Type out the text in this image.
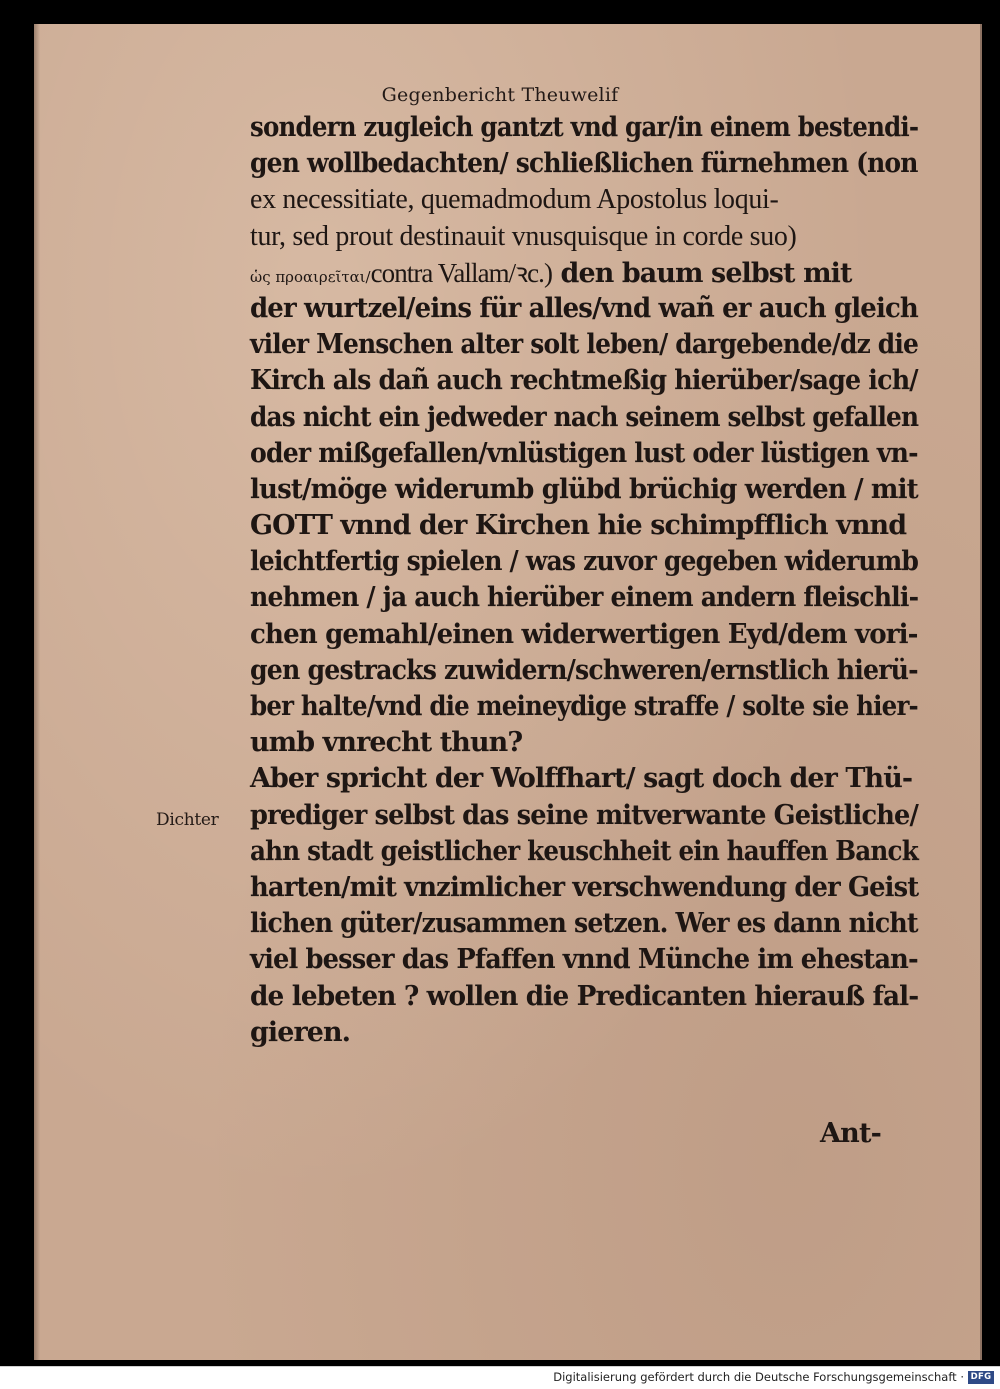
Gegenbericht Theuwelif
sondern zugleich gantzt vnd gar/in einem bestendi-
gen wollbedachten/ schließlichen fürnehmen (non
ex necessitiate, quemadmodum Apostolus loqui-
tur, sed prout destinauit vnusquisque in corde suo)
ὡς προαιρεῖται/contra Vallam/ꝛc.) den baum selbst mit
der wurtzel/eins für alles/vnd wañ er auch gleich
viler Menschen alter solt leben/ dargebende/dz die
Kirch als dañ auch rechtmeßig hierüber/sage ich/
das nicht ein jedweder nach seinem selbst gefallen
oder mißgefallen/vnlüstigen lust oder lüstigen vn-
lust/möge widerumb glübd brüchig werden / mit
GOTT vnnd der Kirchen hie schimpfflich vnnd
leichtfertig spielen / was zuvor gegeben widerumb
nehmen / ja auch hierüber einem andern fleischli-
chen gemahl/einen widerwertigen Eyd/dem vori-
gen gestracks zuwidern/schweren/ernstlich hierü-
ber halte/vnd die meineydige straffe / solte sie hier-
umb vnrecht thun?
Aber spricht der Wolffhart/ sagt doch der Thü-
prediger selbst das seine mitverwante Geistliche/
ahn stadt geistlicher keuschheit ein hauffen Banck
harten/mit vnzimlicher verschwendung der Geist
lichen güter/zusammen setzen. Wer es dann nicht
viel besser das Pfaffen vnnd Münche im ehestan-
de lebeten ? wollen die Predicanten hierauß fal-
gieren.
Dichter
Ant-
Digitalisierung gefördert durch die Deutsche Forschungsgemeinschaft · DFG
